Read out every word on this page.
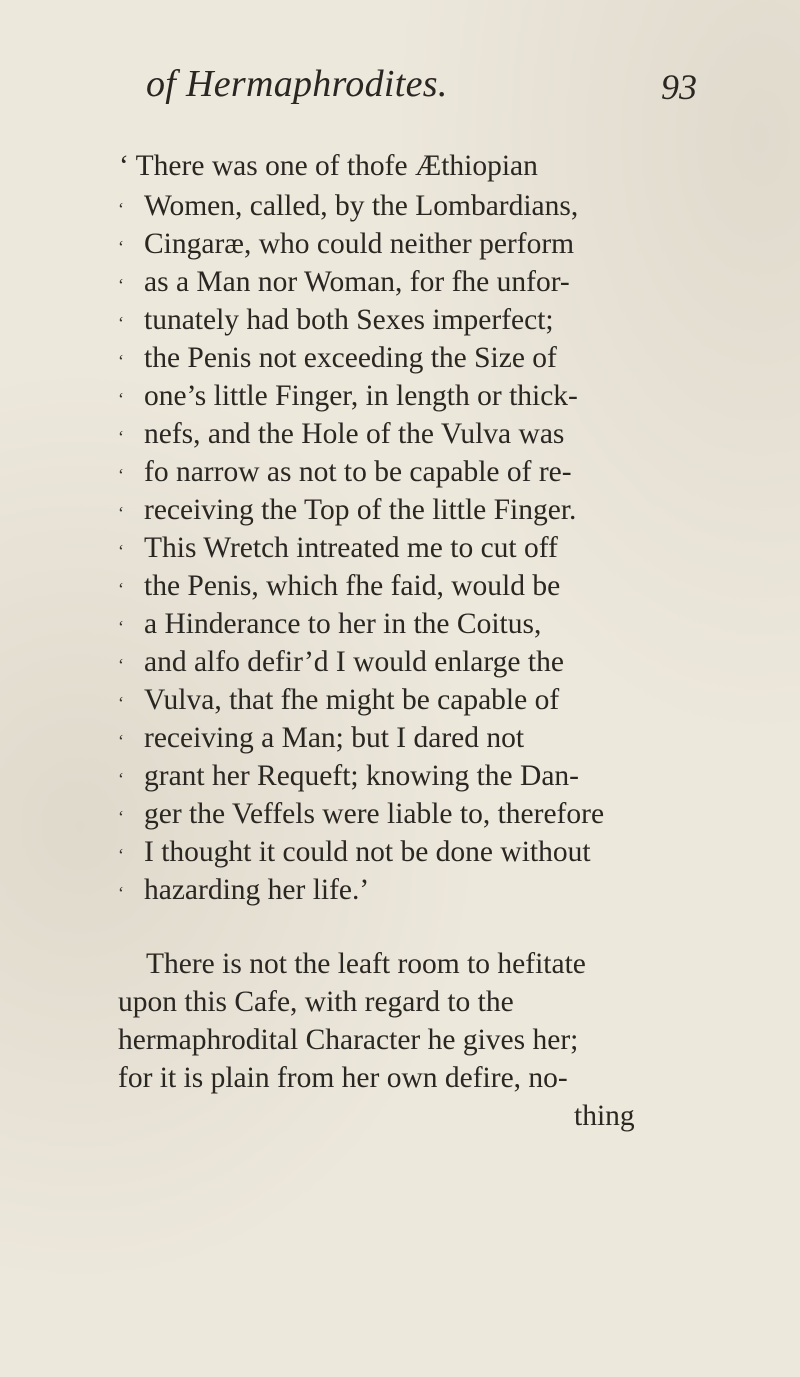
of Hermaphrodites.	93
‘ There was one of thofe Æthiopian
‘ Women, called, by the Lombardians,
‘ Cingaræ, who could neither perform
‘ as a Man nor Woman, for fhe unfor-
‘ tunately had both Sexes imperfect;
‘ the Penis not exceeding the Size of
‘ one’s little Finger, in length or thick-
‘ nefs, and the Hole of the Vulva was
‘ fo narrow as not to be capable of re-
‘ receiving the Top of the little Finger.
‘ This Wretch intreated me to cut off
‘ the Penis, which fhe faid, would be
‘ a Hinderance to her in the Coitus,
‘ and alfo defir’d I would enlarge the
‘ Vulva, that fhe might be capable of
‘ receiving a Man; but I dared not
‘ grant her Requeft; knowing the Dan-
‘ ger the Veffels were liable to, therefore
‘ I thought it could not be done without
‘ hazarding her life.’
There is not the leaft room to hefitate
upon this Cafe, with regard to the
hermaphrodital Character he gives her;
for it is plain from her own defire, no-
thing
